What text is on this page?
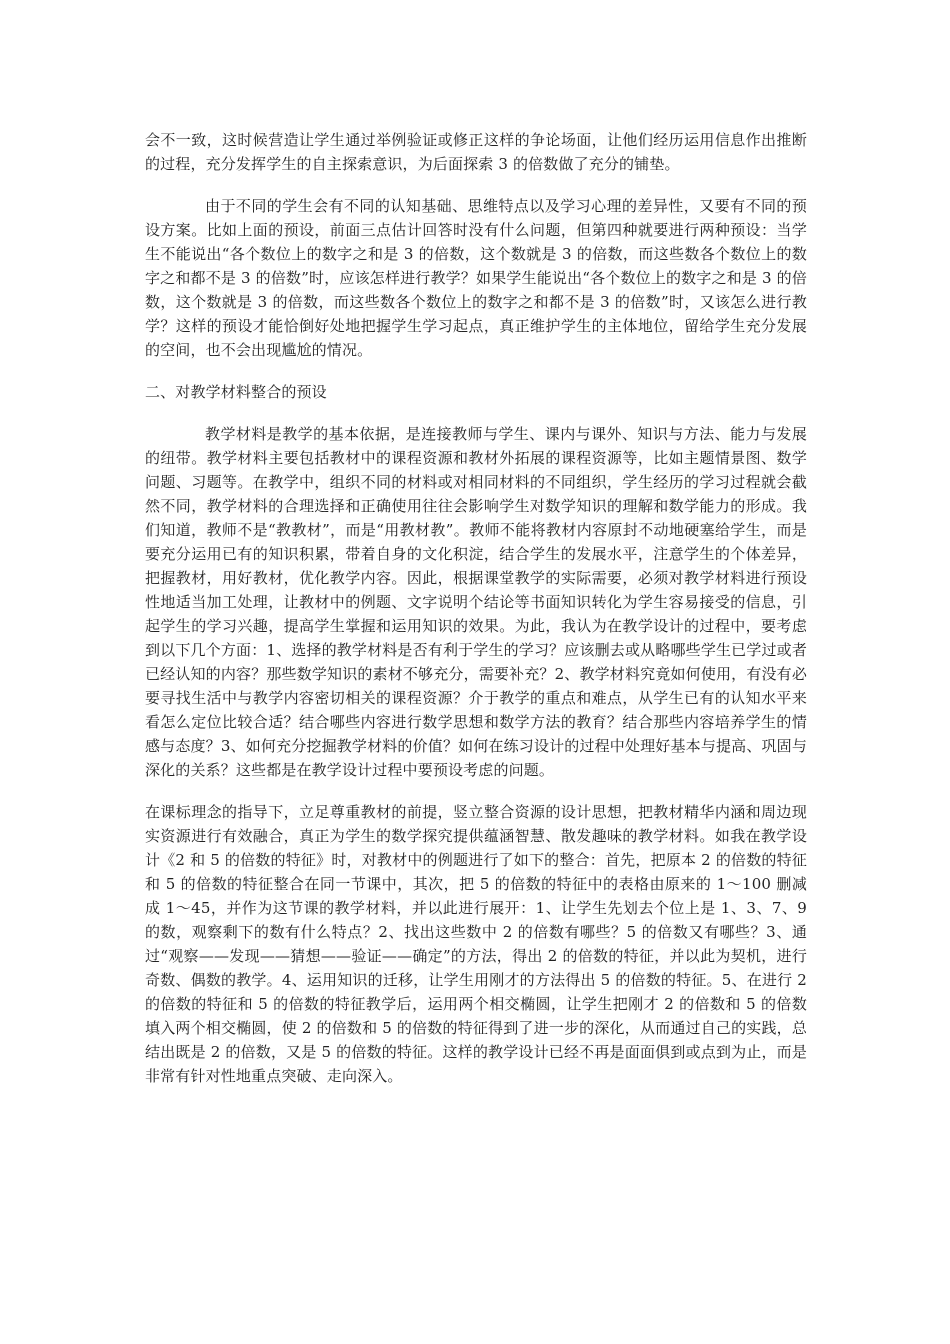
会不一致，这时候营造让学生通过举例验证或修正这样的争论场面，让他们经历运用信息作出推断的过程，充分发挥学生的自主探索意识，为后面探索 3 的倍数做了充分的铺垫。

由于不同的学生会有不同的认知基础、思维特点以及学习心理的差异性，又要有不同的预设方案。比如上面的预设，前面三点估计回答时没有什么问题，但第四种就要进行两种预设：当学生不能说出“各个数位上的数字之和是 3 的倍数，这个数就是 3 的倍数，而这些数各个数位上的数字之和都不是 3 的倍数”时，应该怎样进行教学？如果学生能说出“各个数位上的数字之和是 3 的倍数，这个数就是 3 的倍数，而这些数各个数位上的数字之和都不是 3 的倍数”时，又该怎么进行教学？这样的预设才能恰倒好处地把握学生学习起点，真正维护学生的主体地位，留给学生充分发展的空间，也不会出现尴尬的情况。

二、对教学材料整合的预设

教学材料是教学的基本依据，是连接教师与学生、课内与课外、知识与方法、能力与发展的纽带。教学材料主要包括教材中的课程资源和教材外拓展的课程资源等，比如主题情景图、数学问题、习题等。在教学中，组织不同的材料或对相同材料的不同组织，学生经历的学习过程就会截然不同，教学材料的合理选择和正确使用往往会影响学生对数学知识的理解和数学能力的形成。我们知道，教师不是“教教材”，而是“用教材教”。教师不能将教材内容原封不动地硬塞给学生，而是要充分运用已有的知识积累，带着自身的文化积淀，结合学生的发展水平，注意学生的个体差异，把握教材，用好教材，优化教学内容。因此，根据课堂教学的实际需要，必须对教学材料进行预设性地适当加工处理，让教材中的例题、文字说明个结论等书面知识转化为学生容易接受的信息，引起学生的学习兴趣，提高学生掌握和运用知识的效果。为此，我认为在教学设计的过程中，要考虑到以下几个方面：1、选择的教学材料是否有利于学生的学习？应该删去或从略哪些学生已学过或者已经认知的内容？那些数学知识的素材不够充分，需要补充？2、教学材料究竟如何使用，有没有必要寻找生活中与教学内容密切相关的课程资源？介于教学的重点和难点，从学生已有的认知水平来看怎么定位比较合适？结合哪些内容进行数学思想和数学方法的教育？结合那些内容培养学生的情感与态度？3、如何充分挖掘教学材料的价值？如何在练习设计的过程中处理好基本与提高、巩固与深化的关系？这些都是在教学设计过程中要预设考虑的问题。

在课标理念的指导下，立足尊重教材的前提，竖立整合资源的设计思想，把教材精华内涵和周边现实资源进行有效融合，真正为学生的数学探究提供蕴涵智慧、散发趣味的教学材料。如我在教学设计《2 和 5 的倍数的特征》时，对教材中的例题进行了如下的整合：首先，把原本 2 的倍数的特征和 5 的倍数的特征整合在同一节课中，其次，把 5 的倍数的特征中的表格由原来的 1～100 删减成 1～45，并作为这节课的教学材料，并以此进行展开：1、让学生先划去个位上是 1、3、7、9 的数，观察剩下的数有什么特点？2、找出这些数中 2 的倍数有哪些？5 的倍数又有哪些？3、通过“观察——发现——猜想——验证——确定”的方法，得出 2 的倍数的特征，并以此为契机，进行奇数、偶数的教学。4、运用知识的迁移，让学生用刚才的方法得出 5 的倍数的特征。5、在进行 2 的倍数的特征和 5 的倍数的特征教学后，运用两个相交椭圆，让学生把刚才 2 的倍数和 5 的倍数填入两个相交椭圆，使 2 的倍数和 5 的倍数的特征得到了进一步的深化，从而通过自己的实践，总结出既是 2 的倍数，又是 5 的倍数的特征。这样的教学设计已经不再是面面俱到或点到为止，而是非常有针对性地重点突破、走向深入。
